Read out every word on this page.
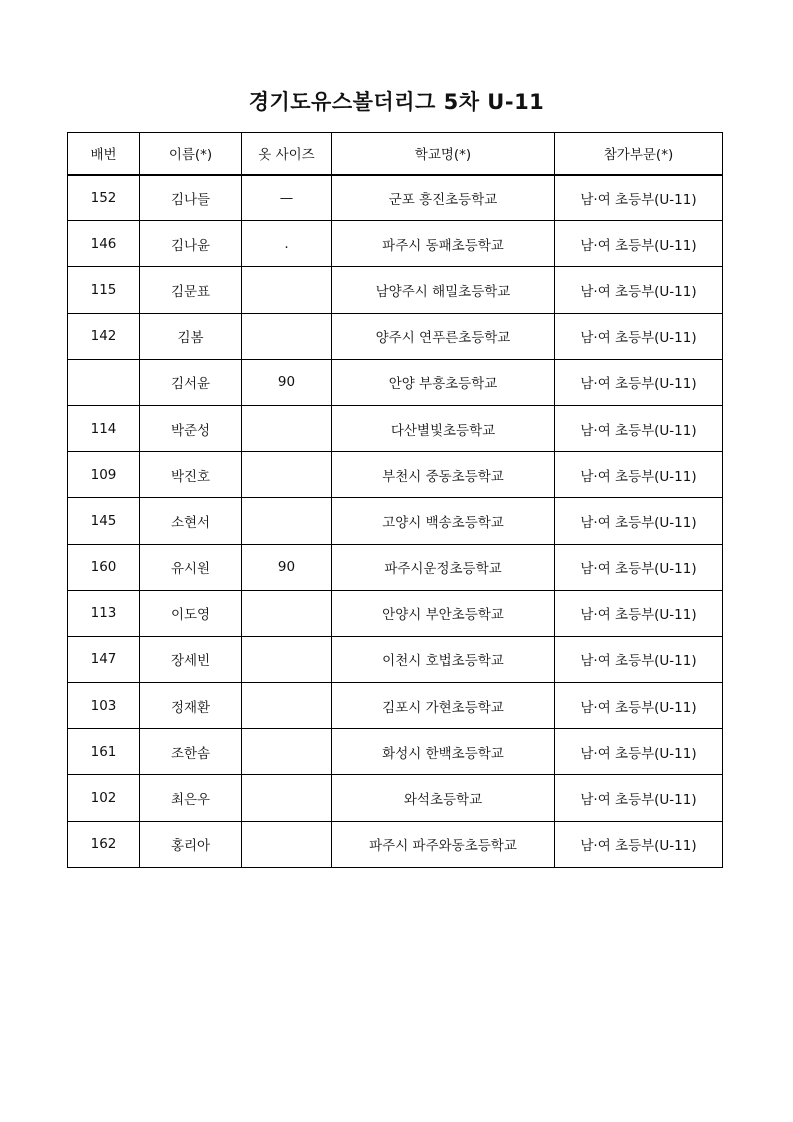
경기도유스볼더리그 5차 U-11
배번	이름(*)	옷 사이즈	학교명(*)	참가부문(*)
152	김나들	—	군포 흥진초등학교	남·여 초등부(U-11)
146	김나윤	.	파주시 동패초등학교	남·여 초등부(U-11)
115	김문표		남양주시 해밀초등학교	남·여 초등부(U-11)
142	김봄		양주시 연푸른초등학교	남·여 초등부(U-11)
	김서윤	90	안양 부흥초등학교	남·여 초등부(U-11)
114	박준성		다산별빛초등학교	남·여 초등부(U-11)
109	박진호		부천시 중동초등학교	남·여 초등부(U-11)
145	소현서		고양시 백송초등학교	남·여 초등부(U-11)
160	유시원	90	파주시운정초등학교	남·여 초등부(U-11)
113	이도영		안양시 부안초등학교	남·여 초등부(U-11)
147	장세빈		이천시 호법초등학교	남·여 초등부(U-11)
103	정재환		김포시 가현초등학교	남·여 초등부(U-11)
161	조한솜		화성시 한백초등학교	남·여 초등부(U-11)
102	최은우		와석초등학교	남·여 초등부(U-11)
162	홍리아		파주시 파주와동초등학교	남·여 초등부(U-11)
